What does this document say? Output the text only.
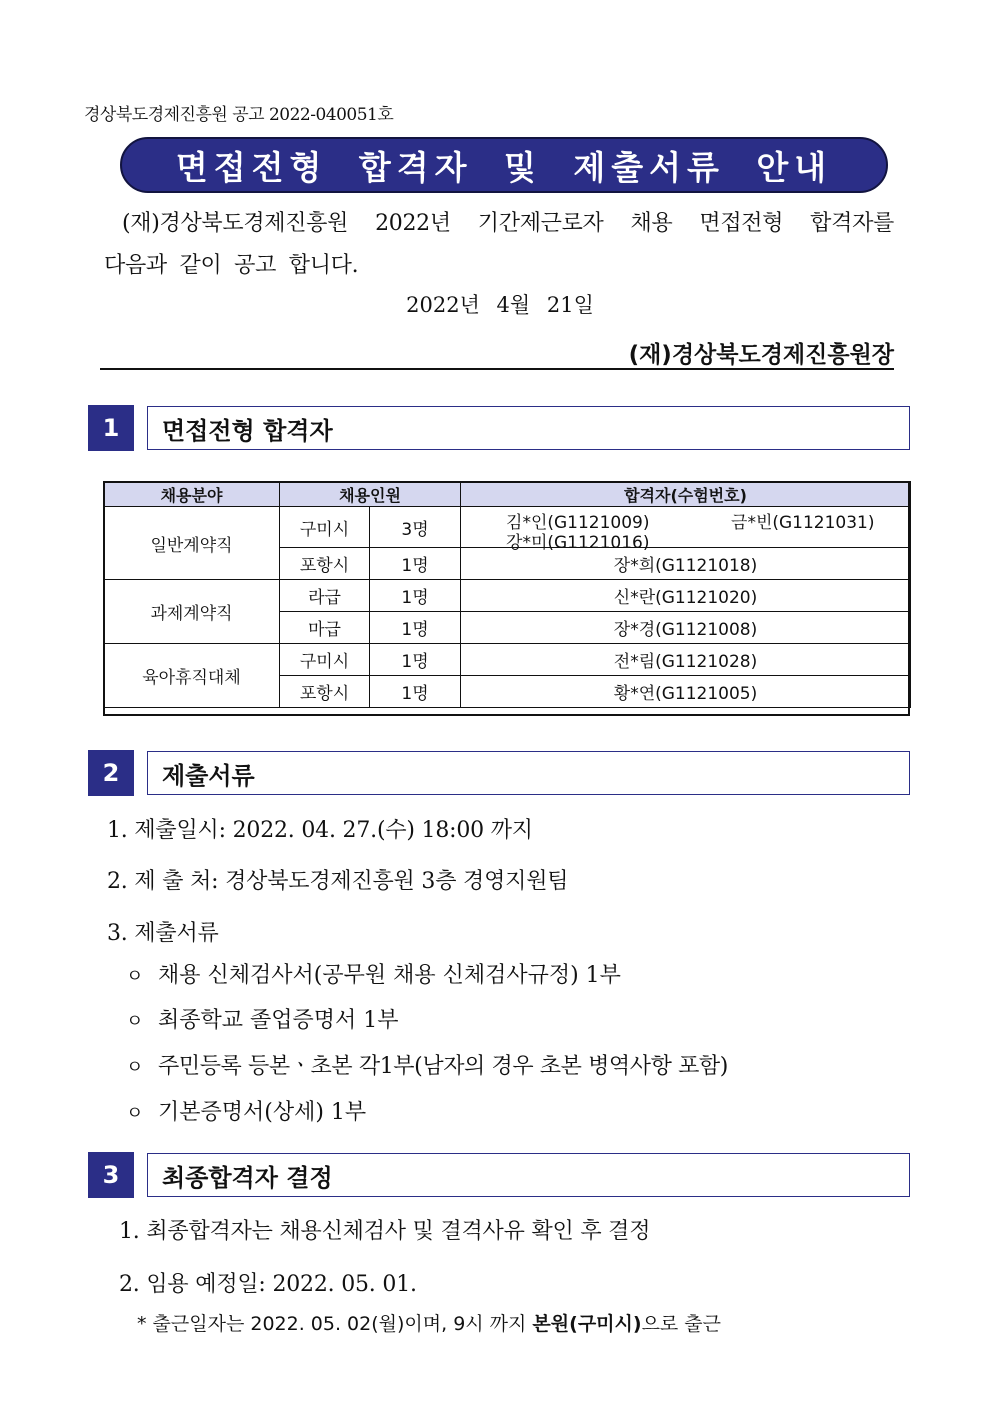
경상북도경제진흥원 공고 2022-040051호
면접전형 합격자 및 제출서류 안내
(재)경상북도경제진흥원 2022년 기간제근로자 채용 면접전형 합격자를
다음과 같이 공고 합니다.
2022년 4월 21일
(재)경상북도경제진흥원장
1	면접전형 합격자
채용분야	채용인원		합격자(수험번호)
일반계약직	구미시	3명	김*인(G1121009) 금*빈(G1121031)
강*미(G1121016)

	포항시	1명	장*희(G1121018)
과제계약직	라급	1명	신*란(G1121020)
	마급	1명	장*경(G1121008)
육아휴직대체	구미시	1명	전*림(G1121028)
	포항시	1명	황*연(G1121005)
2	제출서류
1. 제출일시: 2022. 04. 27.(수) 18:00 까지
2. 제 출 처: 경상북도경제진흥원 3층 경영지원팀
3. 제출서류
ㅇ 채용 신체검사서(공무원 채용 신체검사규정) 1부
ㅇ 최종학교 졸업증명서 1부
ㅇ 주민등록 등본ㆍ초본 각1부(남자의 경우 초본 병역사항 포함)
ㅇ 기본증명서(상세) 1부
3	최종합격자 결정
1. 최종합격자는 채용신체검사 및 결격사유 확인 후 결정
2. 임용 예정일: 2022. 05. 01.
* 출근일자는 2022. 05. 02(월)이며, 9시 까지 본원(구미시)으로 출근
